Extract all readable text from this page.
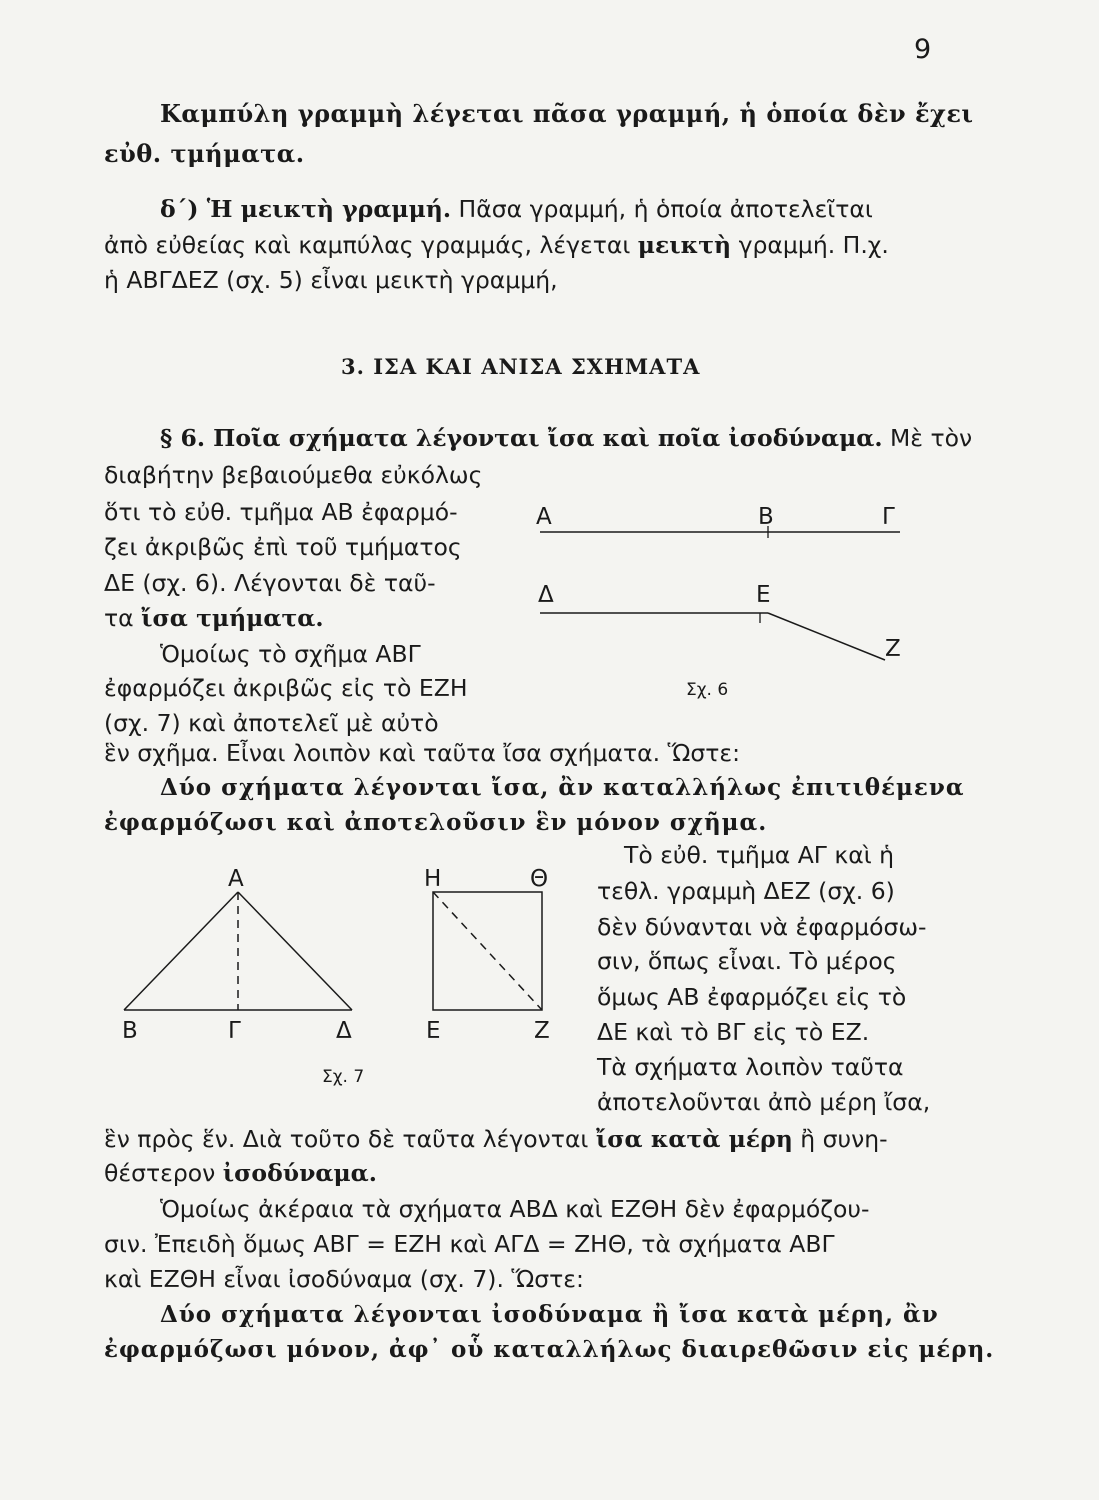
9
Καμπύλη γραμμὴ λέγεται πᾶσα γραμμή, ἡ ὁποία δὲν ἔχει
εὐθ. τμήματα.
δ΄) Ἡ μεικτὴ γραμμή. Πᾶσα γραμμή, ἡ ὁποία ἀποτελεῖται
ἀπὸ εὐθείας καὶ καμπύλας γραμμάς, λέγεται μεικτὴ γραμμή. Π.χ.
ἡ ΑΒΓΔΕΖ (σχ. 5) εἶναι μεικτὴ γραμμή,
3. ΙΣΑ ΚΑΙ ΑΝΙΣΑ ΣΧΗΜΑΤΑ
§ 6. Ποῖα σχήματα λέγονται ἴσα καὶ ποῖα ἰσοδύναμα. Μὲ τὸν
διαβήτην βεβαιούμεθα εὐκόλως
ὅτι τὸ εὐθ. τμῆμα ΑΒ ἐφαρμό-
ζει ἀκριβῶς ἐπὶ τοῦ τμήματος
ΔΕ (σχ. 6). Λέγονται δὲ ταῦ-
τα ἴσα τμήματα.
Ὁμοίως τὸ σχῆμα ΑΒΓ
ἐφαρμόζει ἀκριβῶς εἰς τὸ ΕΖΗ
(σχ. 7) καὶ ἀποτελεῖ μὲ αὐτὸ
ἓν σχῆμα. Εἶναι λοιπὸν καὶ ταῦτα ἴσα σχήματα. Ὥστε:
Δύο σχήματα λέγονται ἴσα, ἂν καταλλήλως ἐπιτιθέμενα
ἐφαρμόζωσι καὶ ἀποτελοῦσιν ἓν μόνον σχῆμα.
Τὸ εὐθ. τμῆμα ΑΓ καὶ ἡ
τεθλ. γραμμὴ ΔΕΖ (σχ. 6)
δὲν δύνανται νὰ ἐφαρμόσω-
σιν, ὅπως εἶναι. Τὸ μέρος
ὅμως ΑΒ ἐφαρμόζει εἰς τὸ
ΔΕ καὶ τὸ ΒΓ εἰς τὸ ΕΖ.
Τὰ σχήματα λοιπὸν ταῦτα
ἀποτελοῦνται ἀπὸ μέρη ἴσα,
ἓν πρὸς ἕν. Διὰ τοῦτο δὲ ταῦτα λέγονται ἴσα κατὰ μέρη ἢ συνη-
θέστερον ἰσοδύναμα.
Ὁμοίως ἀκέραια τὰ σχήματα ΑΒΔ καὶ ΕΖΘΗ δὲν ἐφαρμόζου-
σιν. Ἐπειδὴ ὅμως ΑΒΓ = ΕΖΗ καὶ ΑΓΔ = ΖΗΘ, τὰ σχήματα ΑΒΓ
καὶ ΕΖΘΗ εἶναι ἰσοδύναμα (σχ. 7). Ὥστε:
Δύο σχήματα λέγονται ἰσοδύναμα ἢ ἴσα κατὰ μέρη, ἂν
ἐφαρμόζωσι μόνον, ἀφ᾽ οὗ καταλλήλως διαιρεθῶσιν εἰς μέρη.
Α	Β	Γ
Δ	Ε
Ζ
Σχ. 6
Α
Β	Γ	Δ
Η	Θ
Ε	Ζ
Σχ. 7
